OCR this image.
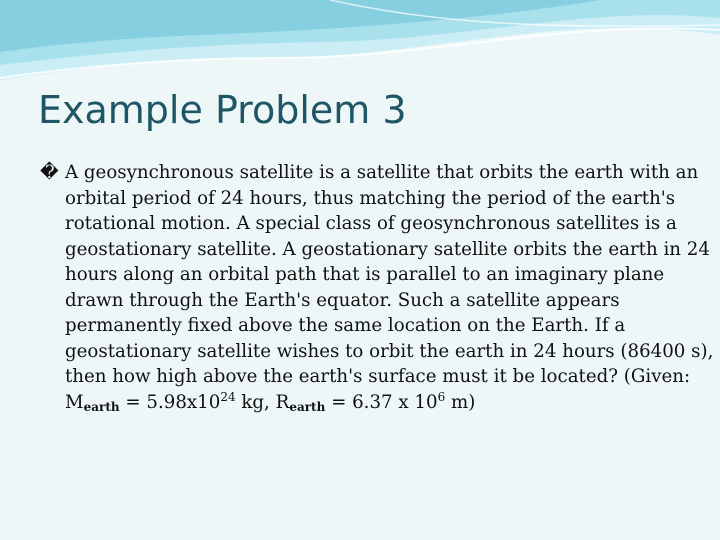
Example Problem 3

� A geosynchronous satellite is a satellite that orbits the earth with an orbital period of 24 hours, thus matching the period of the earth's rotational motion. A special class of geosynchronous satellites is a geostationary satellite. A geostationary satellite orbits the earth in 24 hours along an orbital path that is parallel to an imaginary plane drawn through the Earth's equator. Such a satellite appears permanently fixed above the same location on the Earth. If a geostationary satellite wishes to orbit the earth in 24 hours (86400 s), then how high above the earth's surface must it be located? (Given: $M_{earth} = 5.98x10^{24}$ kg, $R_{earth} = 6.37$ x $10^6$ m)
